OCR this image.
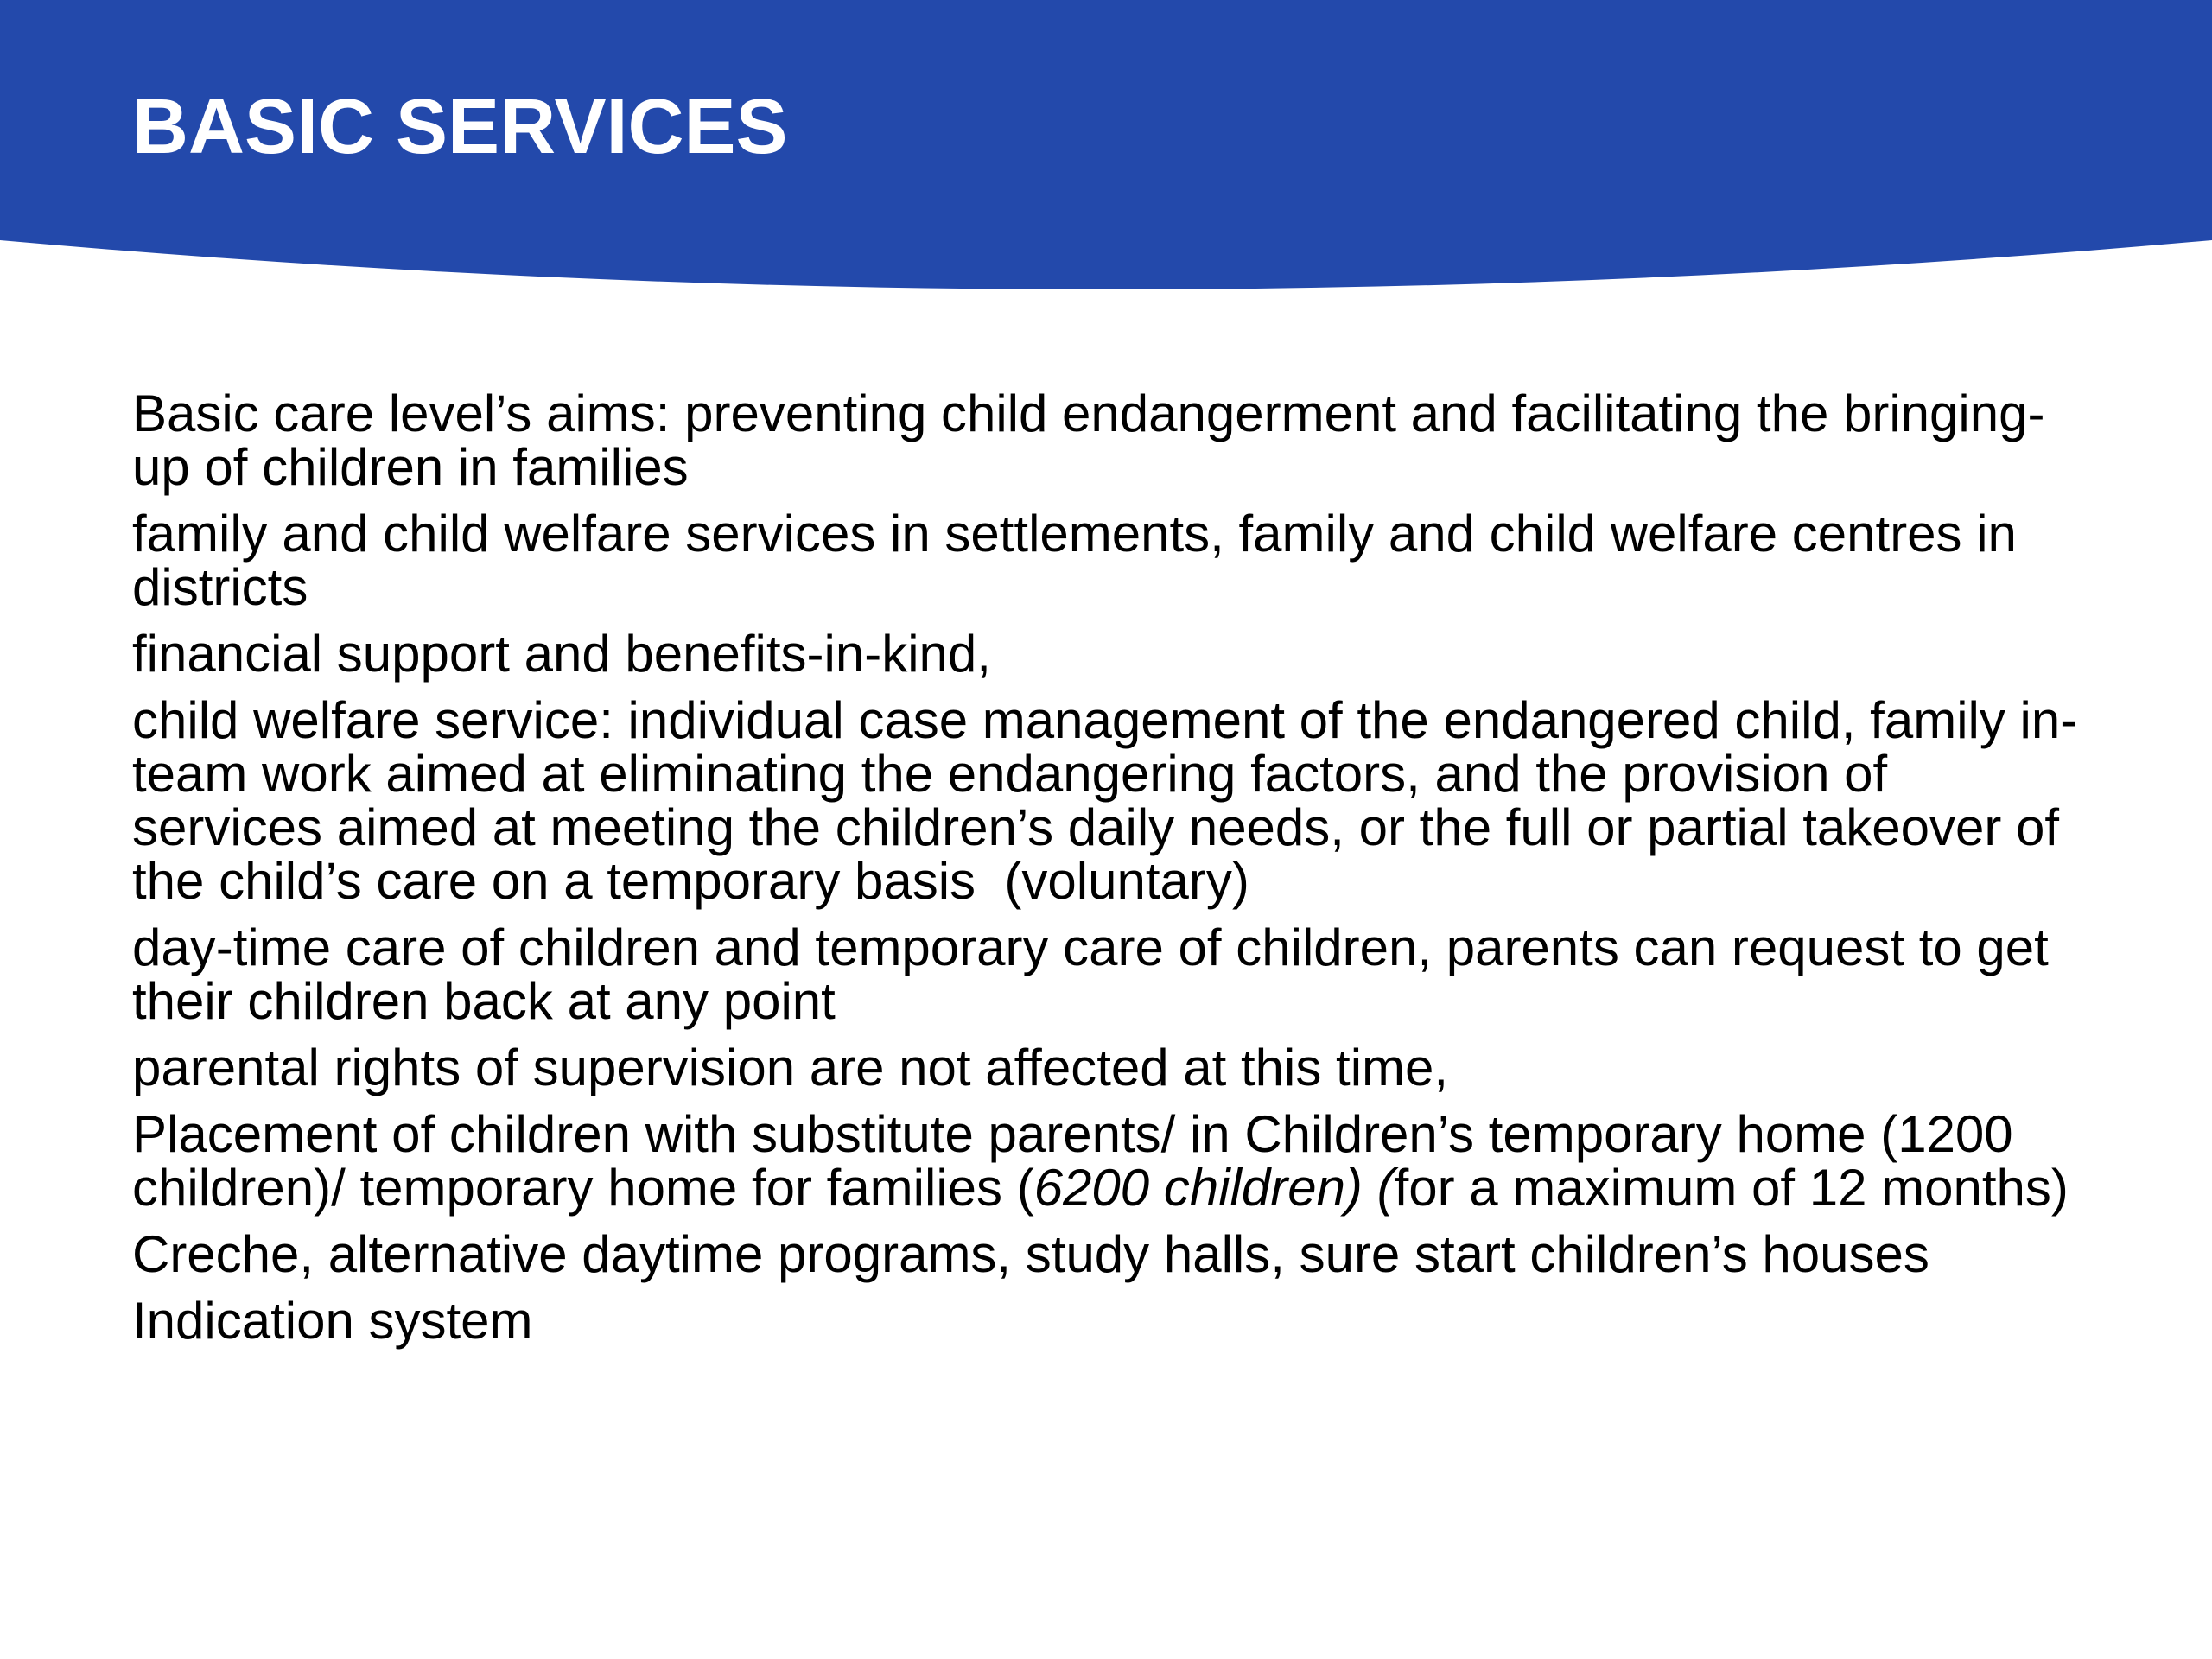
BASIC SERVICES
Basic care level’s aims: preventing child endangerment and facilitating the bringing-up of children in families
family and child welfare services in settlements, family and child welfare centres in districts
financial support and benefits-in-kind,
child welfare service: individual case management of the endangered child, family in-team work aimed at eliminating the endangering factors, and the provision of services aimed at meeting the children’s daily needs, or the full or partial takeover of the child’s care on a temporary basis  (voluntary)
day-time care of children and temporary care of children, parents can request to get their children back at any point
parental rights of supervision are not affected at this time,
Placement of children with substitute parents/ in Children’s temporary home (1200 children)/ temporary home for families (6200 children) (for a maximum of 12 months)
Creche, alternative daytime programs, study halls, sure start children’s houses
Indication system
